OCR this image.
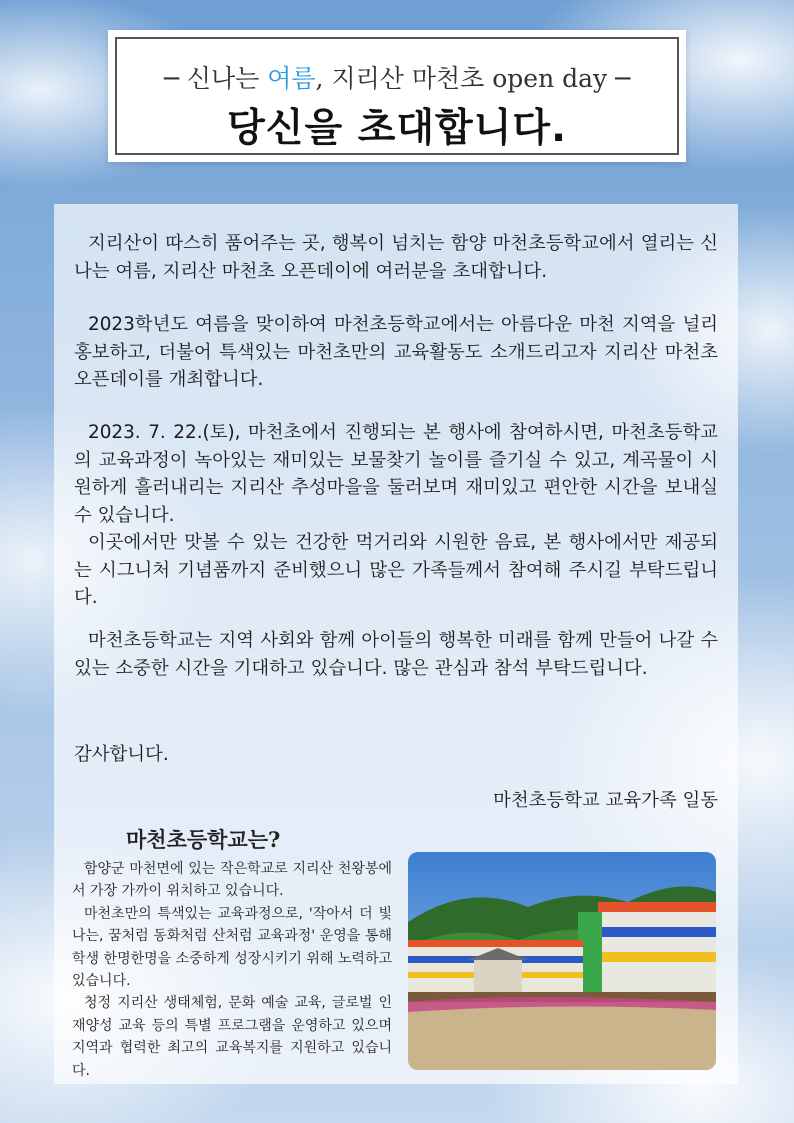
─ 신나는 여름, 지리산 마천초 open day ─
당신을 초대합니다.

지리산이 따스히 품어주는 곳, 행복이 넘치는 함양 마천초등학교에서 열리는 신나는 여름, 지리산 마천초 오픈데이에 여러분을 초대합니다.

2023학년도 여름을 맞이하여 마천초등학교에서는 아름다운 마천 지역을 널리 홍보하고, 더불어 특색있는 마천초만의 교육활동도 소개드리고자 지리산 마천초 오픈데이를 개최합니다.

2023. 7. 22.(토), 마천초에서 진행되는 본 행사에 참여하시면, 마천초등학교의 교육과정이 녹아있는 재미있는 보물찾기 놀이를 즐기실 수 있고, 계곡물이 시원하게 흘러내리는 지리산 추성마을을 둘러보며 재미있고 편안한 시간을 보내실 수 있습니다.

이곳에서만 맛볼 수 있는 건강한 먹거리와 시원한 음료, 본 행사에서만 제공되는 시그니처 기념품까지 준비했으니 많은 가족들께서 참여해 주시길 부탁드립니다.

마천초등학교는 지역 사회와 함께 아이들의 행복한 미래를 함께 만들어 나갈 수 있는 소중한 시간을 기대하고 있습니다. 많은 관심과 참석 부탁드립니다.

감사합니다.
마천초등학교 교육가족 일동
마천초등학교는?

함양군 마천면에 있는 작은학교로 지리산 천왕봉에서 가장 가까이 위치하고 있습니다.

마천초만의 특색있는 교육과정으로, '작아서 더 빛나는, 꿈처럼 동화처럼 산처럼 교육과정' 운영을 통해 학생 한명한명을 소중하게 성장시키기 위해 노력하고 있습니다.

청정 지리산 생태체험, 문화 예술 교육, 글로벌 인재양성 교육 등의 특별 프로그램을 운영하고 있으며 지역과 협력한 최고의 교육복지를 지원하고 있습니다.
